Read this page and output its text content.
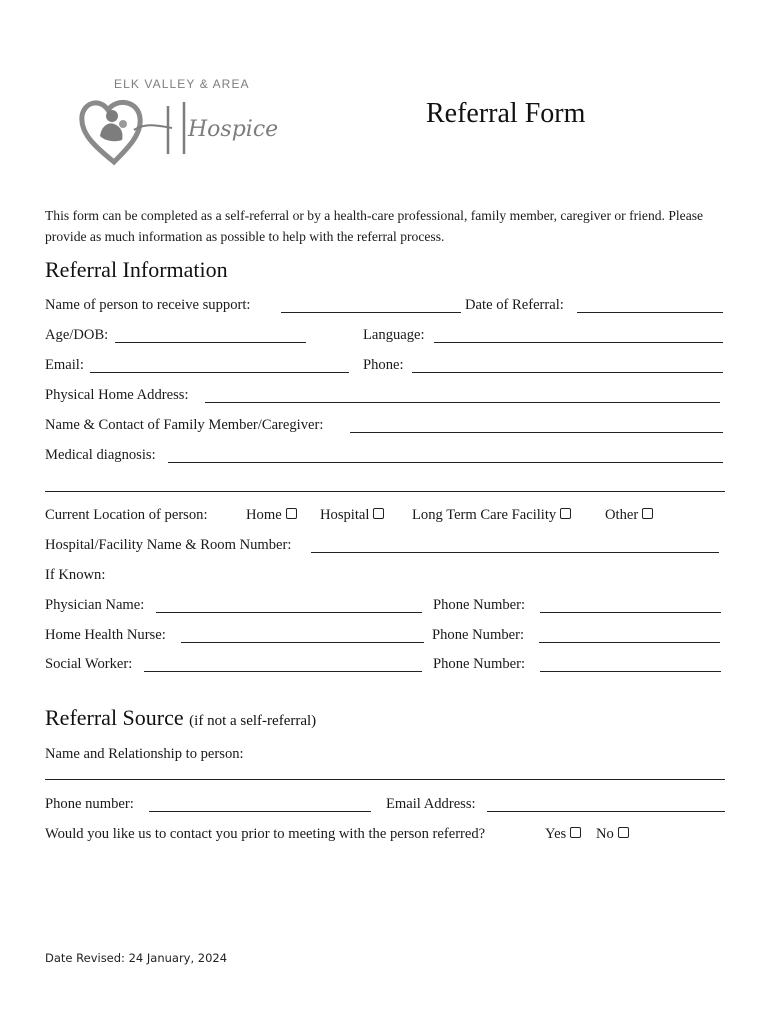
ELK VALLEY & AREA
Hospice
Referral Form
This form can be completed as a self-referral or by a health-care professional, family member, caregiver or friend. Please provide as much information as possible to help with the referral process.
Referral Information
Name of person to receive support:	Date of Referral:
Age/DOB:	Language:
Email:	Phone:
Physical Home Address:
Name & Contact of Family Member/Caregiver:
Medical diagnosis:
Current Location of person:	Home	Hospital	Long Term Care Facility	Other
Hospital/Facility Name & Room Number:
If Known:
Physician Name:	Phone Number:
Home Health Nurse:	Phone Number:
Social Worker:	Phone Number:
Referral Source (if not a self-referral)
Name and Relationship to person:
Phone number:	Email Address:
Would you like us to contact you prior to meeting with the person referred?	Yes	No
Date Revised: 24 January, 2024
